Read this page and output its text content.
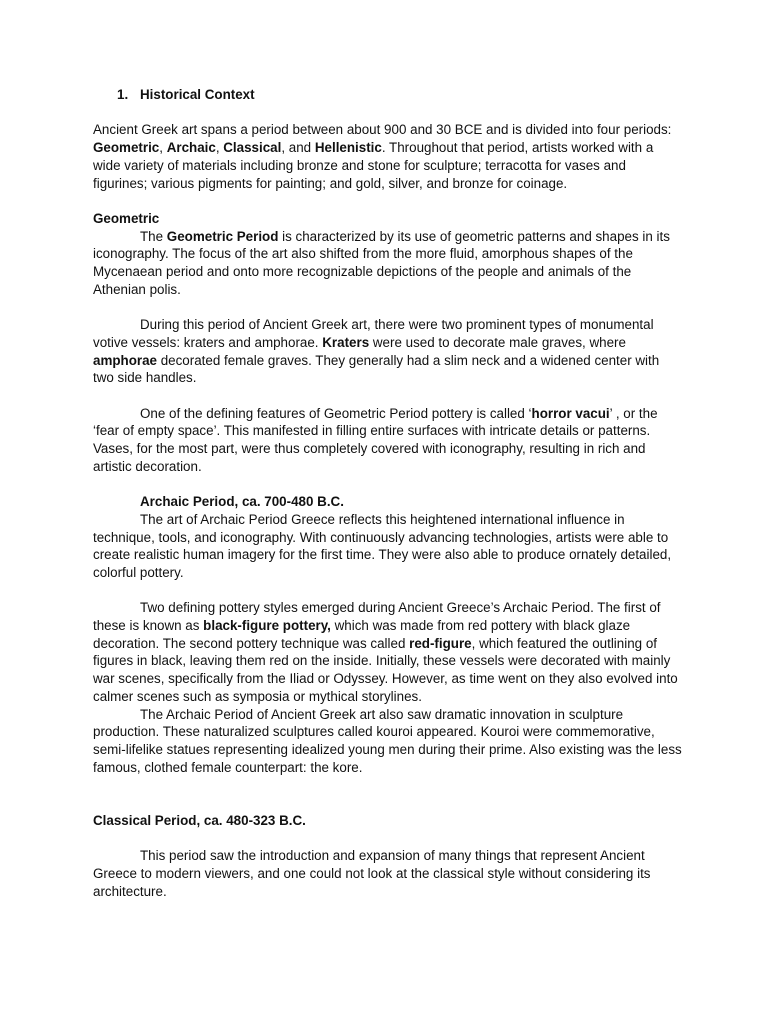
1. Historical Context

Ancient Greek art spans a period between about 900 and 30 BCE and is divided into four periods: Geometric, Archaic, Classical, and Hellenistic. Throughout that period, artists worked with a wide variety of materials including bronze and stone for sculpture; terracotta for vases and figurines; various pigments for painting; and gold, silver, and bronze for coinage.

Geometric

The Geometric Period is characterized by its use of geometric patterns and shapes in its iconography. The focus of the art also shifted from the more fluid, amorphous shapes of the Mycenaean period and onto more recognizable depictions of the people and animals of the Athenian polis.

During this period of Ancient Greek art, there were two prominent types of monumental votive vessels: kraters and amphorae. Kraters were used to decorate male graves, where amphorae decorated female graves. They generally had a slim neck and a widened center with two side handles.

One of the defining features of Geometric Period pottery is called ‘horror vacui’ , or the ‘fear of empty space’. This manifested in filling entire surfaces with intricate details or patterns. Vases, for the most part, were thus completely covered with iconography, resulting in rich and artistic decoration.

Archaic Period, ca. 700-480 B.C.

The art of Archaic Period Greece reflects this heightened international influence in technique, tools, and iconography. With continuously advancing technologies, artists were able to create realistic human imagery for the first time. They were also able to produce ornately detailed, colorful pottery.

Two defining pottery styles emerged during Ancient Greece’s Archaic Period. The first of these is known as black-figure pottery, which was made from red pottery with black glaze decoration. The second pottery technique was called red-figure, which featured the outlining of figures in black, leaving them red on the inside. Initially, these vessels were decorated with mainly war scenes, specifically from the Iliad or Odyssey. However, as time went on they also evolved into calmer scenes such as symposia or mythical storylines.

The Archaic Period of Ancient Greek art also saw dramatic innovation in sculpture production. These naturalized sculptures called kouroi appeared. Kouroi were commemorative, semi-lifelike statues representing idealized young men during their prime. Also existing was the less famous, clothed female counterpart: the kore.

Classical Period, ca. 480-323 B.C.

This period saw the introduction and expansion of many things that represent Ancient Greece to modern viewers, and one could not look at the classical style without considering its architecture.
